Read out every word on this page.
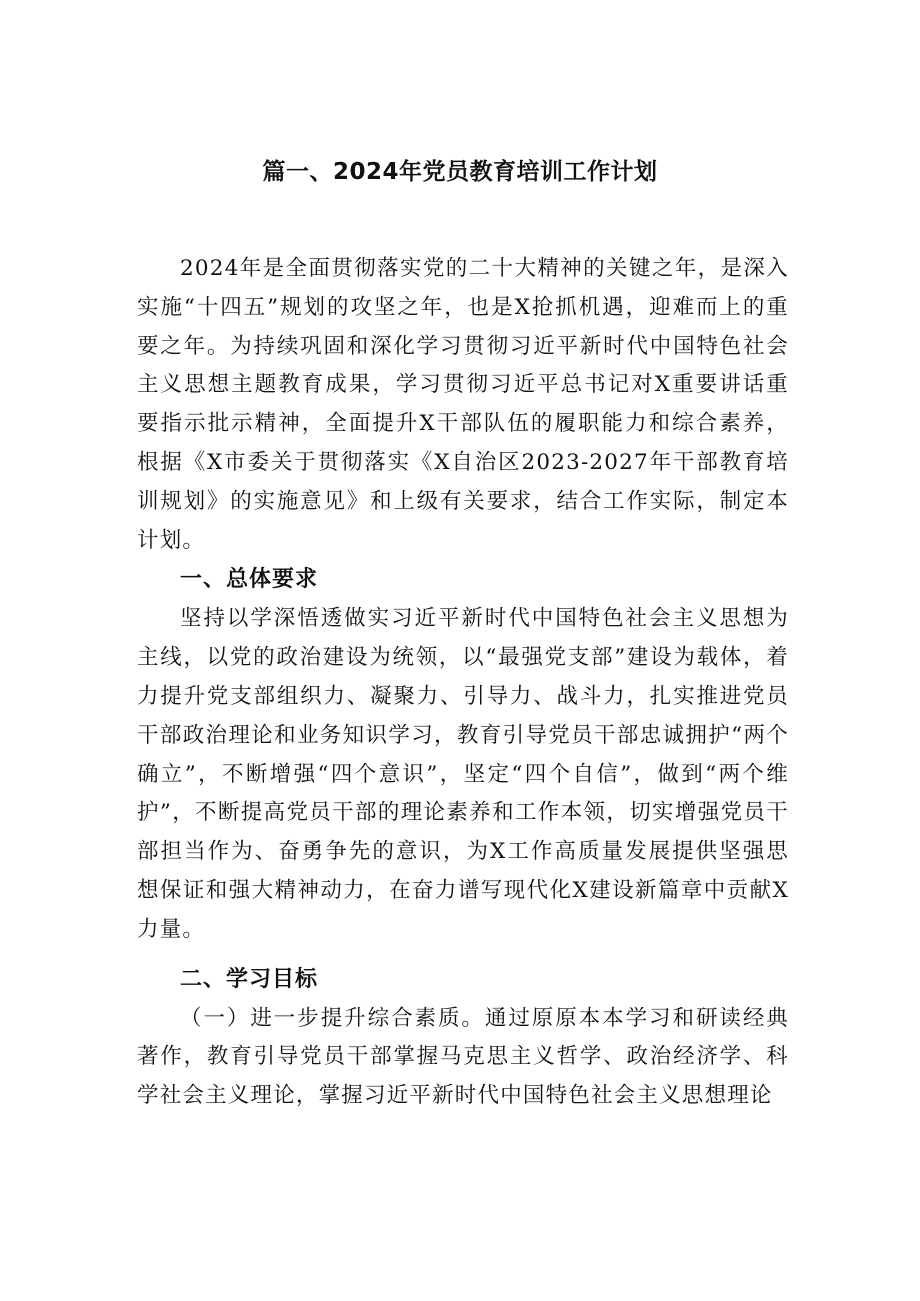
篇一、2024年党员教育培训工作计划

2024年是全面贯彻落实党的二十大精神的关键之年，是深入实施“十四五”规划的攻坚之年，也是X抢抓机遇，迎难而上的重要之年。为持续巩固和深化学习贯彻习近平新时代中国特色社会主义思想主题教育成果，学习贯彻习近平总书记对X重要讲话重要指示批示精神，全面提升X干部队伍的履职能力和综合素养，根据《X市委关于贯彻落实《X自治区2023-2027年干部教育培训规划》的实施意见》和上级有关要求，结合工作实际，制定本计划。

一、总体要求

坚持以学深悟透做实习近平新时代中国特色社会主义思想为主线，以党的政治建设为统领，以“最强党支部”建设为载体，着力提升党支部组织力、凝聚力、引导力、战斗力，扎实推进党员干部政治理论和业务知识学习，教育引导党员干部忠诚拥护“两个确立”，不断增强“四个意识”，坚定“四个自信”，做到“两个维护”，不断提高党员干部的理论素养和工作本领，切实增强党员干部担当作为、奋勇争先的意识，为X工作高质量发展提供坚强思想保证和强大精神动力，在奋力谱写现代化X建设新篇章中贡献X力量。

二、学习目标

（一）进一步提升综合素质。通过原原本本学习和研读经典著作，教育引导党员干部掌握马克思主义哲学、政治经济学、科学社会主义理论，掌握习近平新时代中国特色社会主义思想理论
